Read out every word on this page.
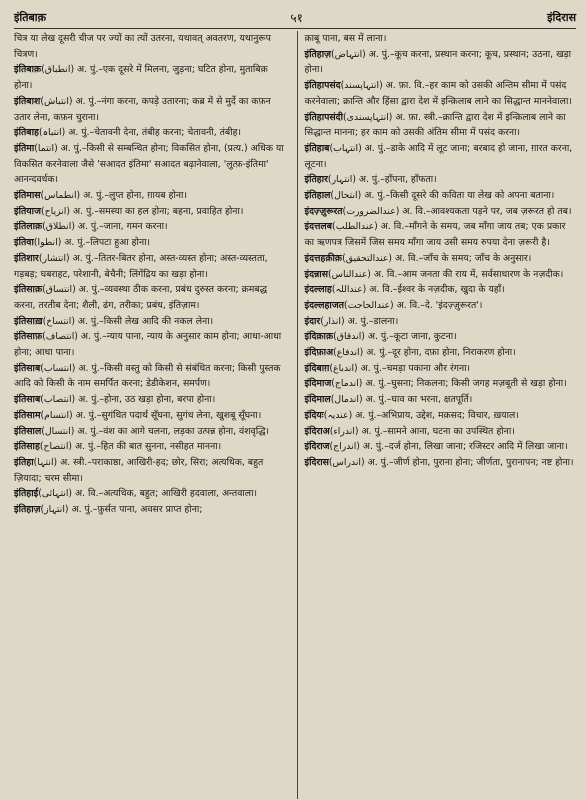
इंतिबाक़	५१	इंदिरास

चित्र या लेख दूसरी चीज पर ज्यों का त्यों उतरना, यथावत् अवतरण, यथानुरूप चित्रण।

इंतिबाक़(انطباق) अ. पुं.–एक दूसरे में मिलना, जुड़ना; घटित होना, मुताबिक़ होना।

इंतिबाश(انتباش) अ. पुं.–नंगा करना, कपड़े उतारना; कब्र में से मुर्दे का कफ़न उतार लेना, कफ़न चुराना।

इंतिबाह(انتباہ) अ. पुं.–चेतावनी देना, तंबीह करना; चेतावनी, तंबीह।

इंतिमा(انتما) अ. पुं.–किसी से सम्बन्धित होना; विकसित होना, (प्रत्य.) अधिक या विकसित करनेवाला जैसे 'सआदत इंतिमा' सआदत बढ़ानेवाला, 'लुत्फ़-इंतिमा' आनन्दवर्धक।

इंतिमास(انطماس) अ. पुं.–लुप्त होना, ग़ायब होना।

इंतियाज(انزیاح) अ. पुं.–समस्या का हल होना; बहना, प्रवाहित होना।

इंतिलाक़(انطلاق) अ. पुं.–जाना, गमन करना।

इंतिवा(انطوا) अ. पुं.–लिपटा हुआ होना।

इंतिशार(انتشار) अ. पुं.–तितर-बितर होना, अस्त-व्यस्त होना; अस्त-व्यस्तता, गड़बड़; घबराहट, परेशानी, बेचैनी; लिंगेंद्रिय का खड़ा होना।

इंतिसाक़(انتساق) अ. पुं.–व्यवस्था ठीक करना, प्रबंध दुरुस्त करना; क्रमबद्ध करना, तरतीब देना; शैली, ढंग, तरीका; प्रबंध, इंतिज़ाम।

इंतिसाख़(انتساخ) अ. पुं.–किसी लेख आदि की नकल लेना।

इंतिसाफ़(انتصاف) अ. पुं.–न्याय पाना, न्याय के अनुसार काम होना; आधा-आधा होना; आधा पाना।

इंतिसाब(انتساب) अ. पुं.–किसी वस्तु को किसी से संबंधित करना; किसी पुस्तक आदि को किसी के नाम समर्पित करना; डेडीकेशन, समर्पण।

इंतिसाब(انتصاب) अ. पुं.–होना, उठ खड़ा होना, बरपा होना।

इंतिसाम(انتسام) अ. पुं.–सुगंधित पदार्थ सूँघना, सुगंध लेना, खुशबू सूँघना।

इंतिसाल(انتسال) अ. पुं.–वंश का आगे चलना, लड़का उत्पन्न होना, वंशवृद्धि।

इंतिसाह(انتصاح) अ. पुं.–हित की बात सुनना, नसीहत मानना।

इंतिहा(انتہا) अ. स्त्री.–पराकाष्ठा, आखिरी-हद; छोर, सिरा; अत्यधिक, बहुत ज़ियादा; चरम सीमा।

इंतिहाई(انتہائی) अ. वि.–अत्यधिक, बहुत; आखिरी हदवाला, अन्तवाला।

इंतिहाज़(انتہاز) अ. पुं.–फ़ुर्सत पाना, अवसर प्राप्त होना;

क़ाबू पाना, बस में लाना।

इंतिहाज़(انتہاض) अ. पुं.–कूच करना, प्रस्थान करना; कूच, प्रस्थान; उठना, खड़ा होना।

इंतिहापसंद(انتہاپسند) अ. फ़ा. वि.–हर काम को उसकी अन्तिम सीमा में पसंद करनेवाला; क्रान्ति और हिंसा द्वारा देश में इन्क़िलाब लाने का सिद्धान्त माननेवाला।

इंतिहापसंदी(انتہاپسندی) अ. फ़ा. स्त्री.–क्रान्ति द्वारा देश में इन्क़िलाब लाने का सिद्धान्त मानना; हर काम को उसकी अंतिम सीमा में पसंद करना।

इंतिहाब(انتہاب) अ. पुं.–डाके आदि में लूट जाना; बरबाद हो जाना, ग़ारत करना, लूटना।

इंतिहार(انتہار) अ. पुं.–हाँपना, हाँफता।

इंतिहाल(انتحال) अ. पुं.–किसी दूसरे की कविता या लेख को अपना बताना।

इंदज़्ज़ुरूरत(عندالضرورت) अ. वि.–आवश्यकता पड़ने पर, जब ज़रूरत हो तब।

इंदत्तलब(عندالطلب) अ. वि.–माँगने के समय, जब माँगा जाय तब; एक प्रकार का ऋणपत्र जिसमें जिस समय माँगा जाय उसी समय रुपया देना ज़रूरी है।

इंदत्तहक़ीक़(عندالتحقیق) अ. वि.–जाँच के समय; जाँच के अनुसार।

इंदन्नास(عندالناس) अ. वि.–आम जनता की राय में, सर्वसाधारण के नज़दीक।

इंदल्लाह(عنداللہ) अ. वि.–ईश्वर के नज़दीक, खुदा के यहाँ।

इंदल्लहाजत(عندالحاجت) अ. वि.–दे. 'इंदज़्ज़ुरूरत'।

इंदार(انذار) अ. पुं.–डालना।

इंदिक़ाक़(اندقاق) अ. पुं.–कूटा जाना, कुटना।

इंदिफ़ाअ(اندفاع) अ. पुं.–दूर होना, दफ़ा होना, निराकरण होना।

इंदिबाग़(اندباغ) अ. पुं.–चमड़ा पकाना और रंगना।

इंदिमाज(اندماج) अ. पुं.–घुसना; निकलना; किसी जगह मज़बूती से खड़ा होना।

इंदिमाल(اندمال) अ. पुं.–घाव का भरना, क्षतपूर्ति।

इंदियः(عندیہ) अ. पुं.–अभिप्राय, उद्देश, मक़सद; विचार, ख़याल।

इंदिराअ(اندراء) अ. पुं.–सामने आना, घटना का उपस्थित होना।

इंदिराज(اندراج) अ. पुं.–दर्ज होना, लिखा जाना; रजिस्टर आदि में लिखा जाना।

इंदिरास(اندراس) अ. पुं.–जीर्ण होना, पुराना होना; जीर्णता, पुरानापन; नष्ट होना।
